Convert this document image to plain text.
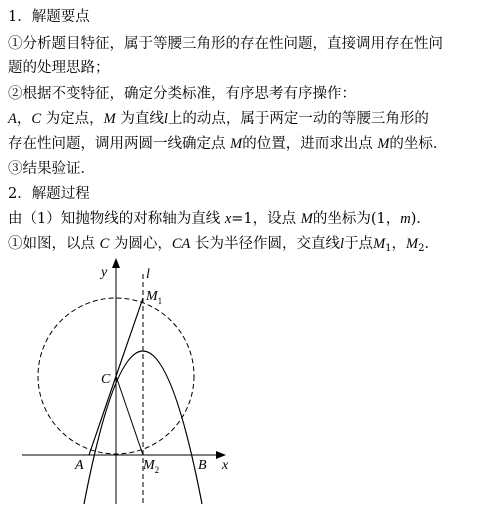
1．解题要点
①分析题目特征，属于等腰三角形的存在性问题，直接调用存在性问
题的处理思路；
②根据不变特征，确定分类标准，有序思考有序操作：
A，C 为定点，M 为直线l上的动点，属于两定一动的等腰三角形的
存在性问题，调用两圆一线确定点 M的位置，进而求出点 M的坐标．
③结果验证．
2．解题过程
由（1）知抛物线的对称轴为直线 x=1，设点 M的坐标为(1，m)．
①如图，以点 C 为圆心，CA 长为半径作圆，交直线l于点$M_1$，$M_2$．
y	l
$M_1$
C
A	$M_2$	B x
